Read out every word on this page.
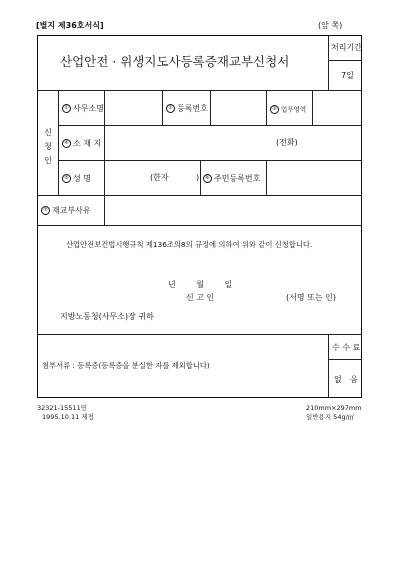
[별지 제36호서식]	(앞 쪽)
산업안전 · 위생지도사등록증재교부신청서
처리기간
7일
신 청 인
① 사무소명	② 등록번호	③ 업무영역
④ 소 재 지	(전화)
⑤ 성 명	(한자	)	⑥ 주민등록번호
⑦ 재교부사유
산업안전보건법시행규칙 제136조의8의 규정에 의하여 위와 같이 신청합니다.
년 월 일
신 고 인	(서명 또는 인)
지방노동청(사무소)장 귀하
첨부서류 : 등록증(등록증을 분실한 자를 제외합니다)
수 수 료
없 음
32321-15511민
1995.10.11 제정
210mm×297mm
일반용지 54g/㎡
